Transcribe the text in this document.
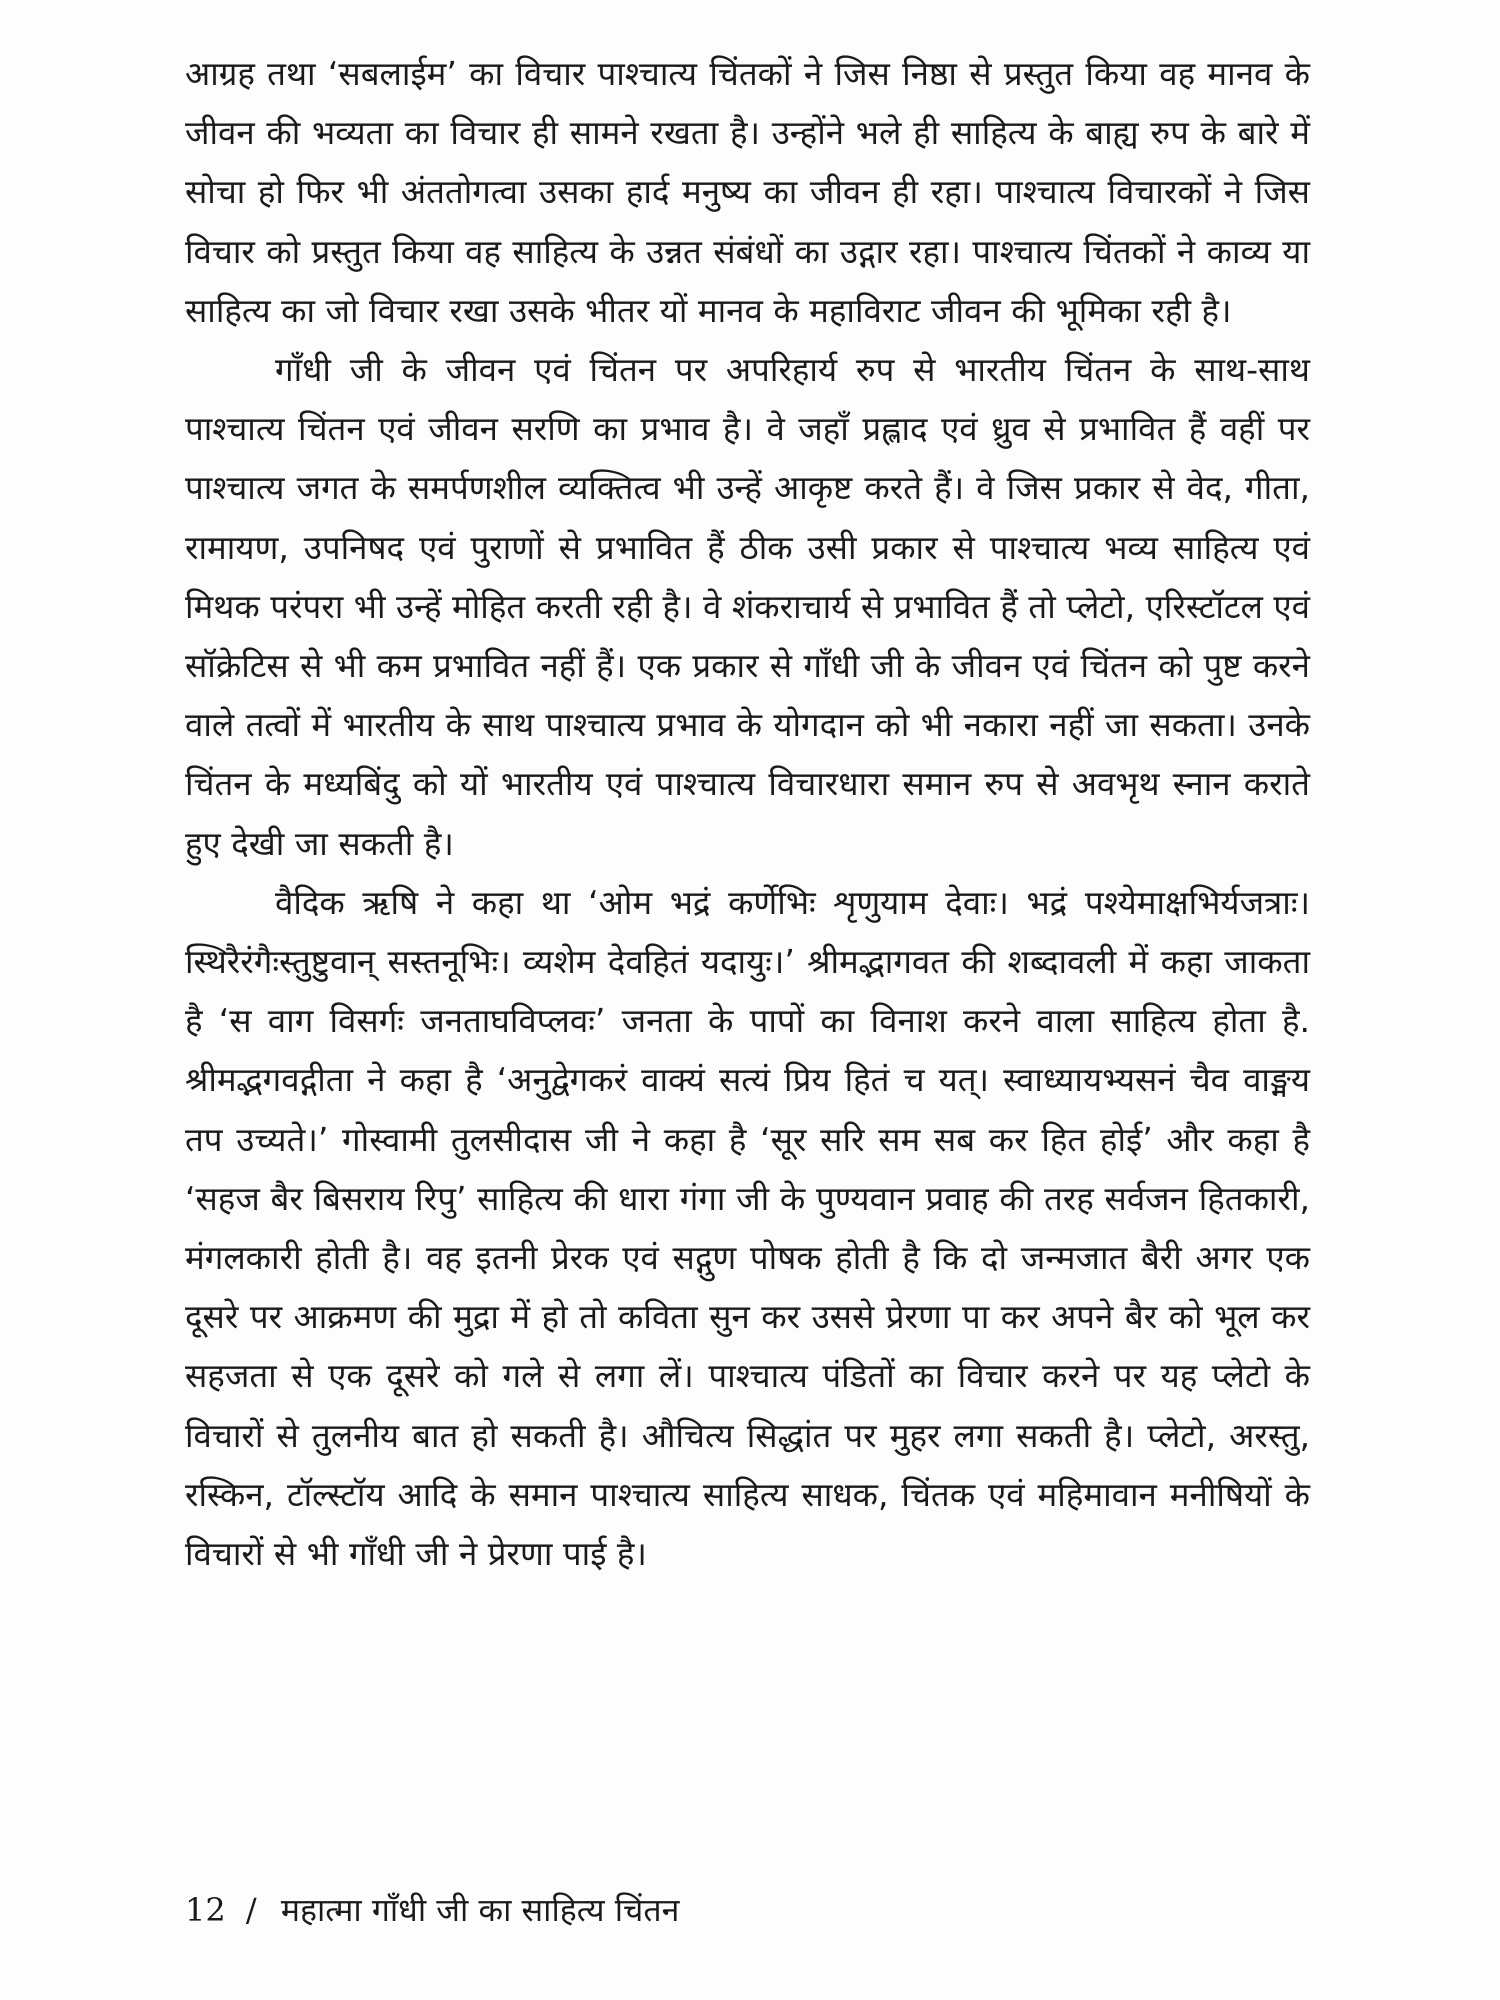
आग्रह तथा ‘सबलाईम’ का विचार पाश्चात्य चिंतकों ने जिस निष्ठा से प्रस्तुत किया वह मानव के जीवन की भव्यता का विचार ही सामने रखता है। उन्होंने भले ही साहित्य के बाह्य रुप के बारे में सोचा हो फिर भी अंततोगत्वा उसका हार्द मनुष्य का जीवन ही रहा। पाश्चात्य विचारकों ने जिस विचार को प्रस्तुत किया वह साहित्य के उन्नत संबंधों का उद्गार रहा। पाश्चात्य चिंतकों ने काव्य या साहित्य का जो विचार रखा उसके भीतर यों मानव के महाविराट जीवन की भूमिका रही है।

गाँधी जी के जीवन एवं चिंतन पर अपरिहार्य रुप से भारतीय चिंतन के साथ-साथ पाश्चात्य चिंतन एवं जीवन सरणि का प्रभाव है। वे जहाँ प्रह्लाद एवं ध्रुव से प्रभावित हैं वहीं पर पाश्चात्य जगत के समर्पणशील व्यक्तित्व भी उन्हें आकृष्ट करते हैं। वे जिस प्रकार से वेद, गीता, रामायण, उपनिषद एवं पुराणों से प्रभावित हैं ठीक उसी प्रकार से पाश्चात्य भव्य साहित्य एवं मिथक परंपरा भी उन्हें मोहित करती रही है। वे शंकराचार्य से प्रभावित हैं तो प्लेटो, एरिस्टॉटल एवं सॉक्रेटिस से भी कम प्रभावित नहीं हैं। एक प्रकार से गाँधी जी के जीवन एवं चिंतन को पुष्ट करने वाले तत्वों में भारतीय के साथ पाश्चात्य प्रभाव के योगदान को भी नकारा नहीं जा सकता। उनके चिंतन के मध्यबिंदु को यों भारतीय एवं पाश्चात्य विचारधारा समान रुप से अवभृथ स्नान कराते हुए देखी जा सकती है।

वैदिक ऋषि ने कहा था ‘ओम भद्रं कर्णेभिः शृणुयाम देवाः। भद्रं पश्येमाक्षभिर्यजत्राः। स्थिरैरंगैःस्तुष्टुवान् सस्तनूभिः। व्यशेम देवहितं यदायुः।’ श्रीमद्भागवत की शब्दावली में कहा जाकता है ‘स वाग विसर्गः जनताघविप्लवः’ जनता के पापों का विनाश करने वाला साहित्य होता है. श्रीमद्भगवद्गीता ने कहा है ‘अनुद्वेगकरं वाक्यं सत्यं प्रिय हितं च यत्। स्वाध्यायभ्यसनं चैव वाङ्मय तप उच्यते।’ गोस्वामी तुलसीदास जी ने कहा है ‘सूर सरि सम सब कर हित होई’ और कहा है ‘सहज बैर बिसराय रिपु’ साहित्य की धारा गंगा जी के पुण्यवान प्रवाह की तरह सर्वजन हितकारी, मंगलकारी होती है। वह इतनी प्रेरक एवं सद्गुण पोषक होती है कि दो जन्मजात बैरी अगर एक दूसरे पर आक्रमण की मुद्रा में हो तो कविता सुन कर उससे प्रेरणा पा कर अपने बैर को भूल कर सहजता से एक दूसरे को गले से लगा लें। पाश्चात्य पंडितों का विचार करने पर यह प्लेटो के विचारों से तुलनीय बात हो सकती है। औचित्य सिद्धांत पर मुहर लगा सकती है। प्लेटो, अरस्तु, रस्किन, टॉल्स्टॉय आदि के समान पाश्चात्य साहित्य साधक, चिंतक एवं महिमावान मनीषियों के विचारों से भी गाँधी जी ने प्रेरणा पाई है।

12 / महात्मा गाँधी जी का साहित्य चिंतन
